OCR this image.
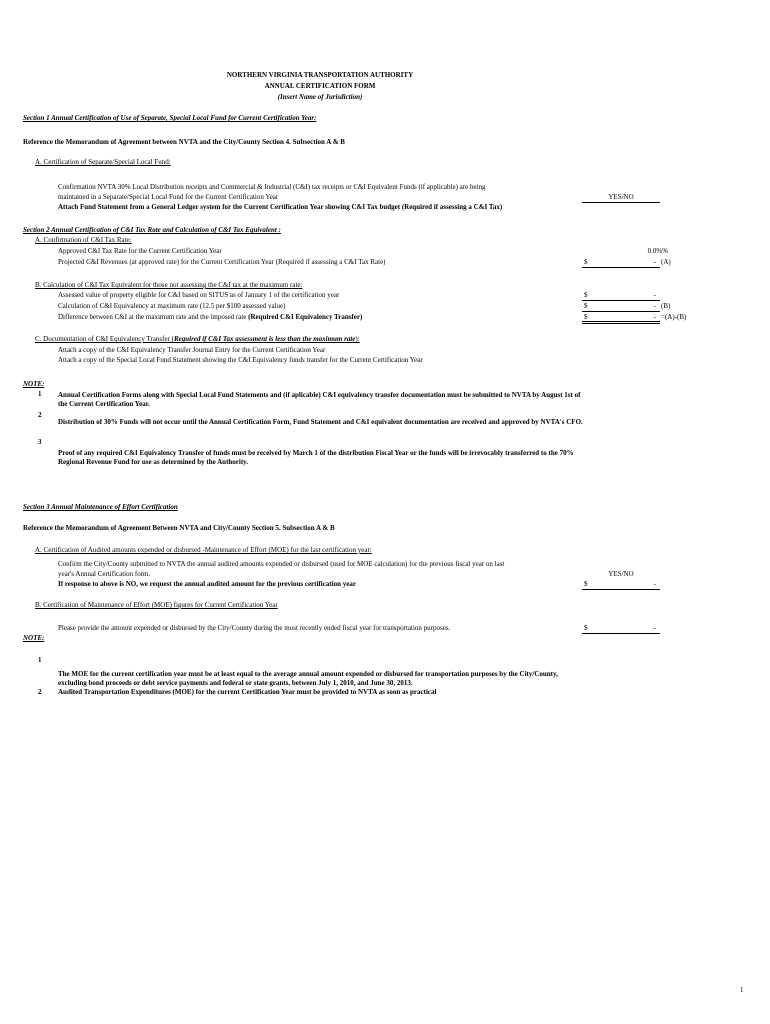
NORTHERN VIRGINIA TRANSPORTATION AUTHORITY
ANNUAL CERTIFICATION FORM
(Insert Name of Jurisdiction)
Section 1 Annual Certification of Use of Separate, Special Local Fund for Current Certification Year:
Reference the Memorandum of Agreement between NVTA and the City/County Section 4. Subsection A & B
A. Certification of Separate/Special Local Fund:
Confirmation NVTA 30% Local Distribution receipts and Commercial & Industrial (C&I) tax receipts or C&I Equivalent Funds (if applicable) are being
maintained in a Separate/Special Local Fund for the Current Certification Year	YES/NO
Attach Fund Statement from a General Ledger system for the Current Certification Year showing C&I Tax budget (Required if assessing a C&I Tax)
Section 2 Annual Certification of C&I Tax Rate and Calculation of C&I Tax Equivalent :
A. Confirmation of C&I Tax Rate:
Approved C&I Tax Rate for the Current Certification Year	0.0%%
Projected C&I Revenues (at approved rate) for the Current Certification Year (Required if assessing a C&I Tax Rate)	$	- (A)
B. Calculation of C&I Tax Equivalent for those not assessing the C&I tax at the maximum rate:
Assessed value of property eligible for C&I based on SITUS as of January 1 of the certification year	$	-
Calculation of C&I Equivalency at maximum rate (12.5 per $100 assessed value)	$	- (B)
Difference between C&I at the maximum rate and the imposed rate (Required C&I Equivalency Transfer)	$	- =(A)-(B)
C. Documentation of C&I Equivalency Transfer (Required if C&I Tax assessment is less than the maximum rate):
Attach a copy of the C&I Equivalency Transfer Journal Entry for the Current Certification Year
Attach a copy of the Special Local Fund Statement showing the C&I Equivalency funds transfer for the Current Certification Year
NOTE:
1 Annual Certification Forms along with Special Local Fund Statements and (if aplicable) C&I equivalency transfer documentation must be submitted to NVTA by August 1st of the Current Certification Year.
2
Distribution of 30% Funds will not occur until the Annual Certification Form, Fund Statement and C&I equivalent documentation are received and approved by NVTA's CFO.
3
Proof of any required C&I Equivalency Transfer of funds must be received by March 1 of the distribution Fiscal Year or the funds will be irrevocably transferred to the 70% Regional Revenue Fund for use as determined by the Authority.
Section 3 Annual Maintenance of Effort Certification
Reference the Memorandum of Agreement Between NVTA and City/County Section 5. Subsection A & B
A. Certification of Audited amounts expended or disbursed -Maintenance of Effort (MOE) for the last certification year:
Confirm the City/County submitted to NVTA the annual audited amounts expended or disbursed (used for MOE calculation) for the previous fiscal year on last
year's Annual Certification form.	YES/NO
If response to above is NO, we request the annual audited amount for the previous certification year	$	-
B. Certification of Maintenance of Effort (MOE) figures for Current Certification Year
Please provide the amount expended or disbursed by the City/County during the most recently ended fiscal year for transportation purposes.	$	-
NOTE:
1
The MOE for the current certification year must be at least equal to the average annual amount expended or disbursed for transportation purposes by the City/County, excluding bond proceeds or debt service payments and federal or state grants, between July 1, 2010, and June 30, 2013.
2 Audited Transportation Expenditures (MOE) for the current Certification Year must be provided to NVTA as soon as practical
1
